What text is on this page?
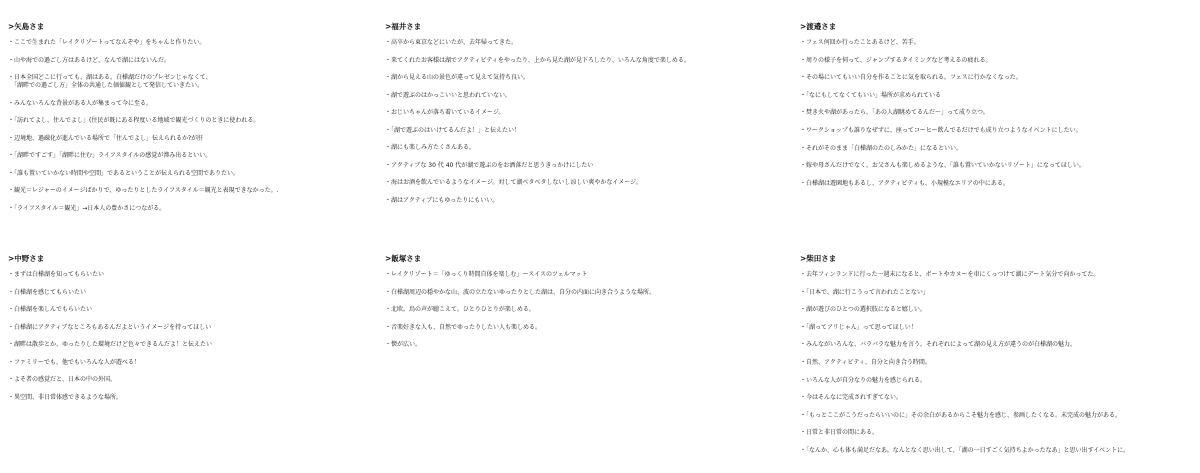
>矢島さま
・ここで生まれた「レイクリゾートってなんぞや」をちゃんと作りたい。
・山や海での過ごし方はあるけど、なんで湖にはないんだ。
・日本全国どこに行っても、湖はある。白樺湖だけのプレゼンじゃなくて、
　「湖畔での過ごし方」全体の共通した価値観として発信していきたい。
・みんないろんな背景がある人が集まって今に至る。
・「訪れてよし、住んでよし」(住民が既にある程度いる地域で観光づくりのときに使われる。
・辺境地、過疎化が進んでいる場所で「住んでよし」伝えられるか?が肝
・「湖畔ですごす」「湖畔に住む」ライフスタイルの感覚が滲み出るといい。
・「誰も置いていかない時間や空間」であるということが伝えられる空間でありたい。
・観光＝レジャーのイメージばかりで、ゆったりとしたライフスタイル＝観光と表現できなかった。.
・「ライフスタイル＝観光」→日本人の豊かさにつながる。
>福井さま
・高卒から東京などにいたが、去年帰ってきた。
・来てくれたお客様は湖でアクティビティをやったり、上から見た湖が見下ろしたり、いろんな角度で楽しめる。
・湖から見える山の景色が違って見えて気持ち良い。
・湖で遊ぶのはかっこいいと思われていない。
・おじいちゃんが落ち着いているイメージ。
・「湖で遊ぶのはいけてるんだよ！」と伝えたい！
・湖にも楽しみ方たくさんある。
・アクティブな 30 代 40 代が湖で遊ぶのをお洒落だと思うきっかけにしたい
・海はお酒を飲んでいるようなイメージ。対して湖ベタベタしないし涼しい爽やかなイメージ。
・湖はアクティブにもゆったりにもいい。
>渡邉さま
・フェス何回か行ったことあるけど、苦手。
・周りの様子を伺って、ジャンプするタイミングなど考えるの疲れる。
・その場にいてもいい自分を作ることに気を取られる。フェスに行かなくなった。
・「なにもしてなくてもいい」場所が求められている
・焚き火や湖があったら、「あの人湖眺めてるんだ〜」って成り立つ。
・ワークショップも誰りなぜずに、座ってコーヒー飲んでるだけでも成り立つようなイベントにしたい。
・それがそのまま「白樺湖のたのしみかた」になるといい。
・嫁や母さんだけでなく、お父さんも楽しめるような、「誰も置いていかないリゾート」になってほしい。
・白樺湖は遊園地もあるし、アクティビティも、小規模なエリアの中にある。
>中野さま
・まずは白樺湖を知ってもらいたい
・白樺湖を感じてもらいたい
・白樺湖を楽しんでもらいたい
・白樺湖にアクティブなところもあるんだよというイメージを持ってほしい
・湖畔は散歩とか、ゆったりした環境だけど色々できるんだよ！と伝えたい
・ファミリーでも、他でもいろんな人が遊べる！
・よそ者の感覚だと、日本の中の外国。
・異空間、非日常体感できるような場所。
>飯塚さま
・レイクリゾート＝「ゆっくり時間自体を楽しむ」ースイスのツェルマット
・白樺湖周辺の穏やかな山、波の立たないゆったりとした湖は、自分の内面に向き合うような場所。
・北欧。鳥の声が聴こえて。ひとりひとりが楽しめる。
・音楽好きな人も、自然でゆったりしたい人も楽しめる。
・懐が広い。
>柴田さま
・去年フィンランドに行った一週末になると、ボートやカヌーを車にくっつけて湖にデート気分で向かってた。
・「日本で、湖に行こうって言われたことない」
・湖が遊びのひとつの選択肢になると嬉しい。
・「湖ってアリじゃん」って思ってほしい！
・みんながいろんな、バラバラな魅力を言う。それぞれによって湖の見え方が違うのが白樺湖の魅力。
・自然、アクティビティ、自分と向き合う時間。
・いろんな人が自分なりの魅力を感じられる。
・今はそんなに完成されすぎてない。
・「もっとここがこうだったらいいのに」その余白があるからこそ魅力を感じ、参画したくなる。未完成の魅力がある。
・日常と非日常の間にある。
・「なんか、心も体も満足だなあ。なんとなく思い出して、「湖の一日すごく気持ちよかったなあ」と思い出すイベントに。
